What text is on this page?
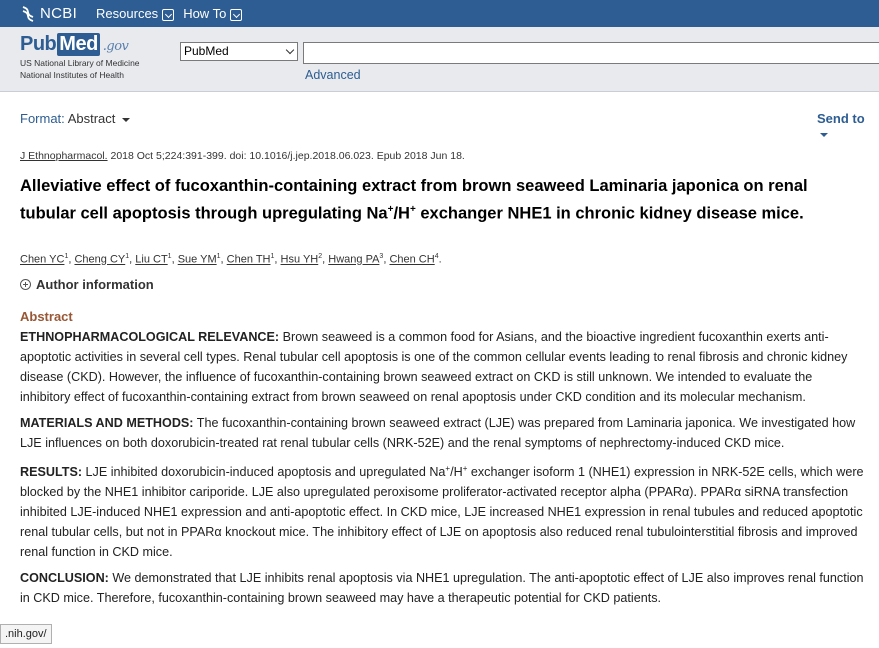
NCBI Resources How To
Pub Med .gov
US National Library of Medicine
National Institutes of Health
PubMed
Advanced
Format: Abstract	Send to
J Ethnopharmacol. 2018 Oct 5;224:391-399. doi: 10.1016/j.jep.2018.06.023. Epub 2018 Jun 18.
Alleviative effect of fucoxanthin-containing extract from brown seaweed Laminaria japonica on renal tubular cell apoptosis through upregulating Na+/H+ exchanger NHE1 in chronic kidney disease mice.
Chen $YC^1$, Cheng $CY^1$, Liu $CT^1$, Sue $YM^1$, Chen $TH^1$, Hsu $YH^2$, Hwang $PA^3$, Chen $CH^4$.
Author information
Abstract

ETHNOPHARMACOLOGICAL RELEVANCE: Brown seaweed is a common food for Asians, and the bioactive ingredient fucoxanthin exerts anti-apoptotic activities in several cell types. Renal tubular cell apoptosis is one of the common cellular events leading to renal fibrosis and chronic kidney disease (CKD). However, the influence of fucoxanthin-containing brown seaweed extract on CKD is still unknown. We intended to evaluate the inhibitory effect of fucoxanthin-containing extract from brown seaweed on renal apoptosis under CKD condition and its molecular mechanism.

MATERIALS AND METHODS: The fucoxanthin-containing brown seaweed extract (LJE) was prepared from Laminaria japonica. We investigated how LJE influences on both doxorubicin-treated rat renal tubular cells (NRK-52E) and the renal symptoms of nephrectomy-induced CKD mice.

RESULTS: LJE inhibited doxorubicin-induced apoptosis and upregulated Na+/H+ exchanger isoform 1 (NHE1) expression in NRK-52E cells, which were blocked by the NHE1 inhibitor cariporide. LJE also upregulated peroxisome proliferator-activated receptor alpha (PPARα). PPARα siRNA transfection inhibited LJE-induced NHE1 expression and anti-apoptotic effect. In CKD mice, LJE increased NHE1 expression in renal tubules and reduced apoptotic renal tubular cells, but not in PPARα knockout mice. The inhibitory effect of LJE on apoptosis also reduced renal tubulointerstitial fibrosis and improved renal function in CKD mice.

CONCLUSION: We demonstrated that LJE inhibits renal apoptosis via NHE1 upregulation. The anti-apoptotic effect of LJE also improves renal function in CKD mice. Therefore, fucoxanthin-containing brown seaweed may have a therapeutic potential for CKD patients.

.nih.gov/
